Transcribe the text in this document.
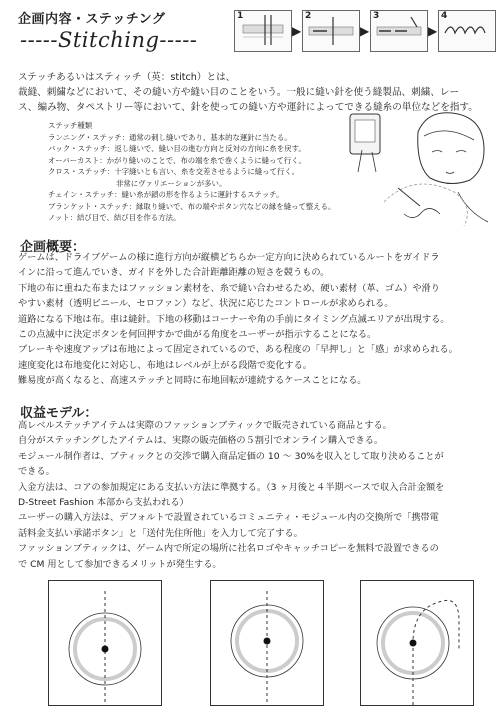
企画内容・ステッチング
-----Stitching-----
1
▶
2
▶
3
▶
4
ステッチあるいはスティッチ（英：stitch）とは、
裁縫、刺繍などにおいて、その縫い方や縫い目のことをいう。一般に縫い針を使う縫製品、刺繍、レー
ス、編み物、タペストリー等において、針を使っての縫い方や運針によってできる縫糸の単位などを指す。
ステッチ種類
ランニング・ステッチ：通常の刺し縫いであり、基本的な運針に当たる。
バック・ステッチ：返し縫いで、縫い目の進む方向と反対の方向に糸を戻す。
オーバーカスト：かがり縫いのことで、布の端を糸で巻くように縫って行く。
クロス・ステッチ：十字縫いとも言い、糸を交差させるように縫って行く。
非常にヴァリエーションが多い。
チェイン・ステッチ：縫い糸が鎖の形を作るように運針するステッチ。
ブランケット・ステッチ：縁取り縫いで、布の端やボタン穴などの縁を縫って整える。
ノット：結び目で、結び目を作る方法。
企画概要：
ゲームは、ドライブゲームの様に進行方向が縦横どちらか一定方向に決められているルートをガイドラ
インに沿って進んでいき、ガイドを外した合計距離距離の短さを競うもの。
下地の布に重ねた布またはファッション素材を、糸で縫い合わせるため、硬い素材（革、ゴム）や滑り
やすい素材（透明ビニール、セロファン）など、状況に応じたコントロールが求められる。
道路になる下地は布。車は縫針。下地の移動はコーナーや角の手前にタイミング点滅エリアが出現する。
この点滅中に決定ボタンを何回押すかで曲がる角度をユーザーが指示することになる。
ブレーキや速度アップは布地によって固定されているので、ある程度の「早押し」と「感」が求められる。
速度変化は布地変化に対応し、布地はレベルが上がる段階で変化する。
難易度が高くなると、高速ステッチと同時に布地回転が連続するケースことになる。
収益モデル：
高レベルステッチアイテムは実際のファッションブティックで販売されている商品とする。
自分がステッチングしたアイテムは、実際の販売価格の５割引でオンライン購入できる。
モジュール制作者は、ブティックとの交渉で購入商品定価の 10 ～ 30%を収入として取り決めることが
できる。
入金方法は、コアの参加規定にある支払い方法に準拠する。（3 ヶ月後と４半期ベースで収入合計金額を
D-Street Fashion 本部から支払われる）
ユーザーの購入方法は、デフォルトで設置されているコミュニティ・モジュール内の交換所で「携帯電
話料金支払い承諾ボタン」と「送付先住所他」を入力して完了する。
ファッションブティックは、ゲーム内で所定の場所に社名ロゴやキャッチコピーを無料で設置できるの
で CM 用として参加できるメリットが発生する。
